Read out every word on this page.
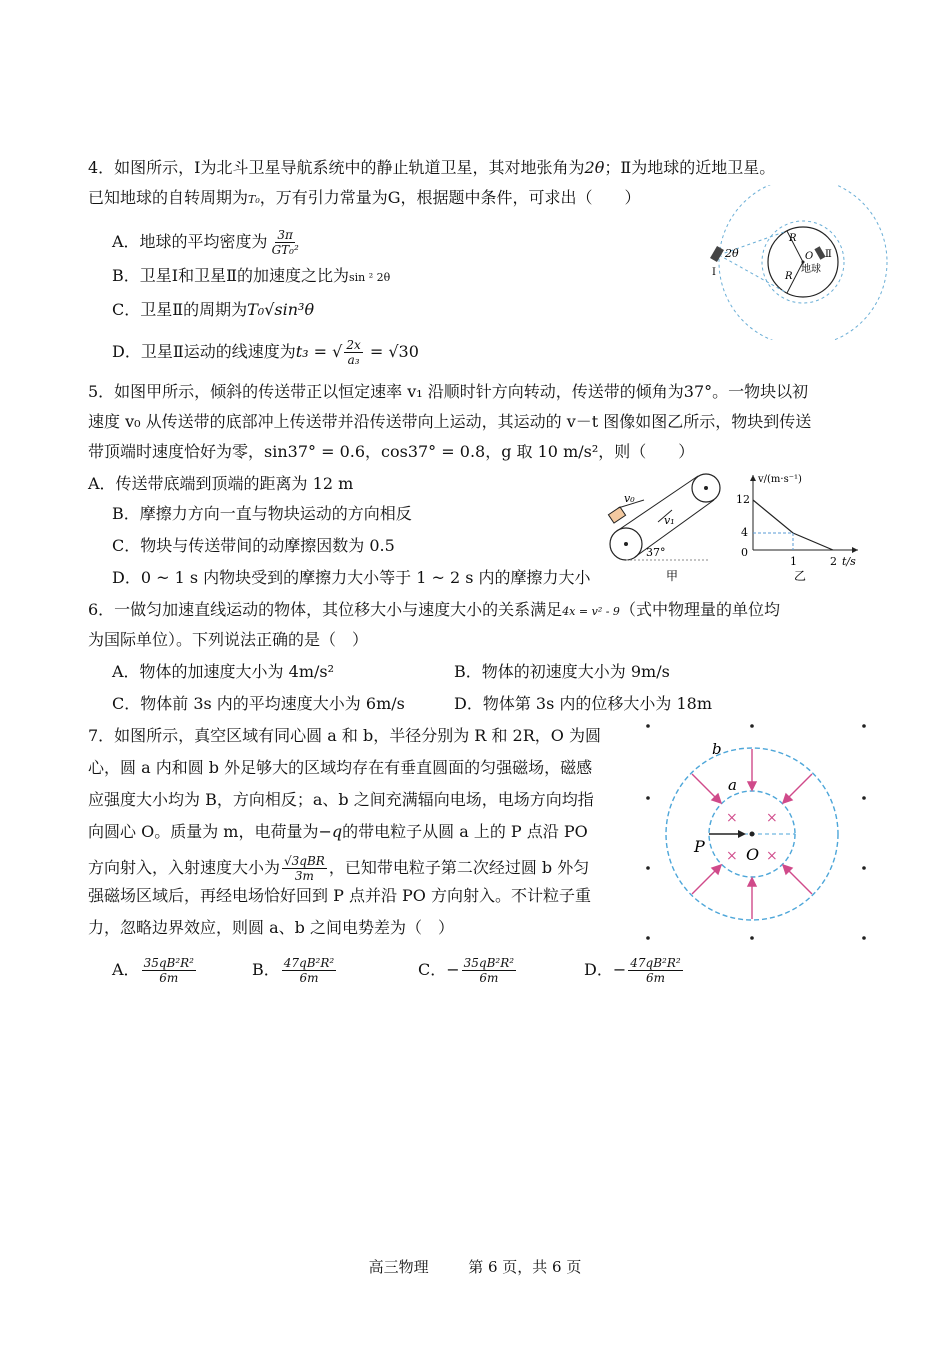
4．如图所示，Ⅰ为北斗卫星导航系统中的静止轨道卫星，其对地张角为2θ；Ⅱ为地球的近地卫星。
已知地球的自转周期为T₀，万有引力常量为G，根据题中条件，可求出（　　）
A．地球的平均密度为 $\frac{3\pi}{\text{GT₀²}}$
B．卫星Ⅰ和卫星Ⅱ的加速度之比为sin ² 2θ
C．卫星Ⅱ的周期为T₀√sin³θ
D．卫星Ⅱ运动的线速度为t₃ = √ $\frac{2x}{\text{a₃}} = √30$
Ⅰ
2θ	Ⅱ
R
R
O
地球
5．如图甲所示，倾斜的传送带正以恒定速率 v₁ 沿顺时针方向转动，传送带的倾角为37°。一物块以初
速度 v₀ 从传送带的底部冲上传送带并沿传送带向上运动，其运动的 v－t 图像如图乙所示，物块到传送
带顶端时速度恰好为零，sin37° = 0.6，cos37° = 0.8，g 取 10 m/s²，则（　　）
A．传送带底端到顶端的距离为 12 m
B．摩擦力方向一直与物块运动的方向相反
C．物块与传送带间的动摩擦因数为 0.5
D．0 ~ 1 s 内物块受到的摩擦力大小等于 1 ~ 2 s 内的摩擦力大小
v₀
v₁
37°
甲
v/(m·s⁻¹)
12
4
0
1	2 t/s
乙
6．一做匀加速直线运动的物体，其位移大小与速度大小的关系满足4x = v² - 9（式中物理量的单位均
为国际单位）。下列说法正确的是（　）
A．物体的加速度大小为 4m/s²	B．物体的初速度大小为 9m/s
C．物体前 3s 内的平均速度大小为 6m/s	D．物体第 3s 内的位移大小为 18m
7．如图所示，真空区域有同心圆 a 和 b，半径分别为 R 和 2R，O 为圆
心，圆 a 内和圆 b 外足够大的区域均存在有垂直圆面的匀强磁场，磁感
应强度大小均为 B，方向相反；a、b 之间充满辐向电场，电场方向均指
向圆心 O。质量为 m，电荷量为−q的带电粒子从圆 a 上的 P 点沿 PO
方向射入，入射速度大小为 $\frac{\text{√3qBR}}{3m}$ ，已知带电粒子第二次经过圆 b 外匀
强磁场区域后，再经电场恰好回到 P 点并沿 PO 方向射入。不计粒子重
力，忽略边界效应，则圆 a、b 之间电势差为（　）
A． $\frac{\text{35qB²R²}}{6m}$	B． $\frac{\text{47qB²R²}}{6m}$	C．− $\frac{\text{35qB²R²}}{6m}$	D．− $\frac{\text{47qB²R²}}{6m}$
× ×
× ×
P	O
a
b
高三物理	第 6 页，共 6 页
